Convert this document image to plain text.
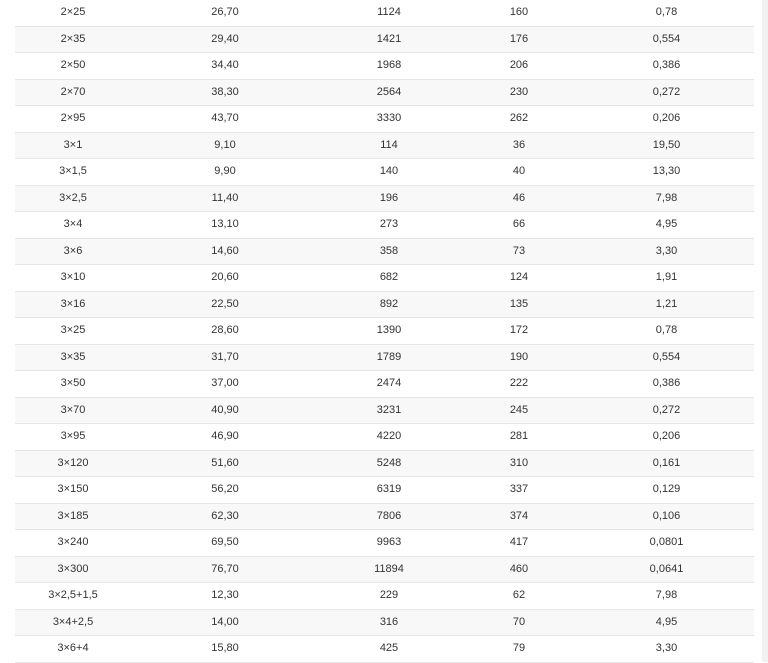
2×25	26,70	1124	160	0,78
2×35	29,40	1421	176	0,554
2×50	34,40	1968	206	0,386
2×70	38,30	2564	230	0,272
2×95	43,70	3330	262	0,206
3×1	9,10	114	36	19,50
3×1,5	9,90	140	40	13,30
3×2,5	11,40	196	46	7,98
3×4	13,10	273	66	4,95
3×6	14,60	358	73	3,30
3×10	20,60	682	124	1,91
3×16	22,50	892	135	1,21
3×25	28,60	1390	172	0,78
3×35	31,70	1789	190	0,554
3×50	37,00	2474	222	0,386
3×70	40,90	3231	245	0,272
3×95	46,90	4220	281	0,206
3×120	51,60	5248	310	0,161
3×150	56,20	6319	337	0,129
3×185	62,30	7806	374	0,106
3×240	69,50	9963	417	0,0801
3×300	76,70	11894	460	0,0641
3×2,5+1,5	12,30	229	62	7,98
3×4+2,5	14,00	316	70	4,95
3×6+4	15,80	425	79	3,30
